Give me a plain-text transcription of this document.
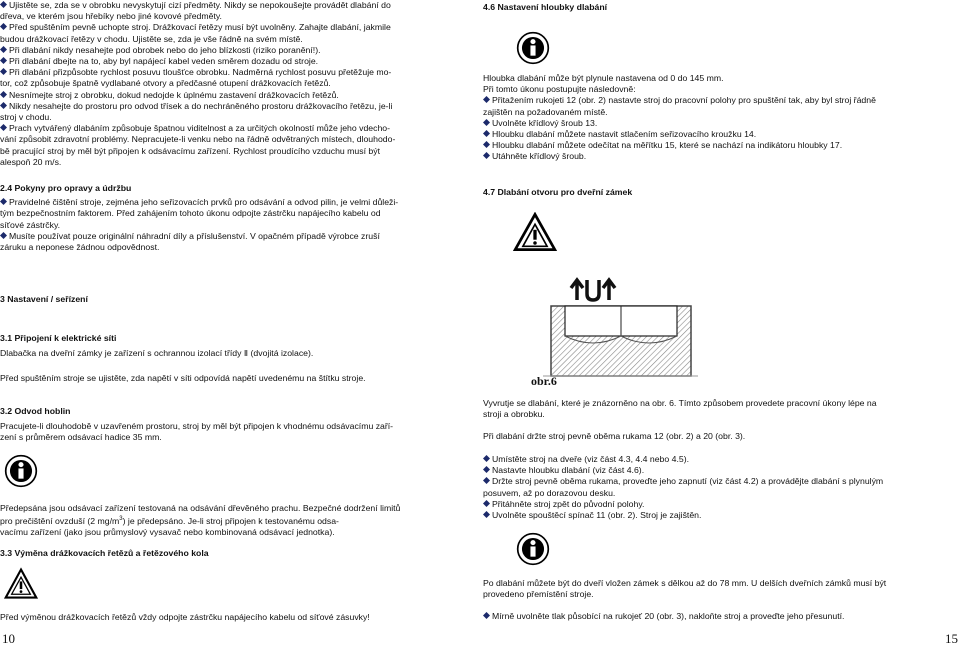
Ujistěte se, zda se v obrobku nevyskytují cizí předměty. Nikdy se nepokoušejte provádět dlabání do

dřeva, ve kterém jsou hřebíky nebo jiné kovové předměty.

Před spuštěním pevně uchopte stroj. Drážkovací řetězy musí být uvolněny. Zahajte dlabání, jakmile

budou drážkovací řetězy v chodu. Ujistěte se, zda je vše řádně na svém místě.

Při dlabání nikdy nesahejte pod obrobek nebo do jeho blízkosti (riziko poranění!).

Při dlabání dbejte na to, aby byl napájecí kabel veden směrem dozadu od stroje.

Při dlabání přizpůsobte rychlost posuvu tloušťce obrobku. Nadměrná rychlost posuvu přetěžuje mo-

tor, což způsobuje špatně vydlabané otvory a předčasné otupení drážkovacích řetězů.

Nesnímejte stroj z obrobku, dokud nedojde k úplnému zastavení drážkovacích řetězů.

Nikdy nesahejte do prostoru pro odvod třísek a do nechráněného prostoru drážkovacího řetězu, je-li

stroj v chodu.

Prach vytvářený dlabáním způsobuje špatnou viditelnost a za určitých okolností může jeho vdecho-

vání způsobit zdravotní problémy. Nepracujete-li venku nebo na řádně odvětraných místech, dlouhodo-

bě pracující stroj by měl být připojen k odsávacímu zařízení. Rychlost proudícího vzduchu musí být

alespoň 20 m/s.

2.4 Pokyny pro opravy a údržbu

Pravidelné čištění stroje, zejména jeho seřizovacích prvků pro odsávání a odvod pilin, je velmi důleži-

tým bezpečnostním faktorem. Před zahájením tohoto úkonu odpojte zástrčku napájecího kabelu od

síťové zástrčky.

Musíte používat pouze originální náhradní díly a příslušenství. V opačném případě výrobce zruší

záruku a neponese žádnou odpovědnost.

3 Nastavení / seřízení

3.1 Připojení k elektrické síti

Dlabačka na dveřní zámky je zařízení s ochrannou izolací třídy Ⅱ (dvojitá izolace).

Před spuštěním stroje se ujistěte, zda napětí v síti odpovídá napětí uvedenému na štítku stroje.

3.2 Odvod hoblin

Pracujete-li dlouhodobě v uzavřeném prostoru, stroj by měl být připojen k vhodnému odsávacímu zaří-

zení s průměrem odsávací hadice 35 mm.

Předepsána jsou odsávací zařízení testovaná na odsávání dřevěného prachu. Bezpečné dodržení limitů

pro prečištění ovzduší (2 $mg/m^3$) je předepsáno. Je-li stroj připojen k testovanému odsa-

vacímu zařízení (jako jsou průmyslový vysavač nebo kombinovaná odsávací jednotka).

3.3 Výměna drážkovacích řetězů a řetězového kola

Před výměnou drážkovacích řetězů vždy odpojte zástrčku napájecího kabelu od síťové zásuvky!

10

4.6 Nastavení hloubky dlabání

Hloubka dlabání může být plynule nastavena od 0 do 145 mm.

Při tomto úkonu postupujte následovně:

Přitažením rukojeti 12 (obr. 2) nastavte stroj do pracovní polohy pro spuštění tak, aby byl stroj řádně

zajištěn na požadovaném místě.

Uvolněte křídlový šroub 13.

Hloubku dlabání můžete nastavit stlačením seřizovacího kroužku 14.

Hloubku dlabání můžete odečítat na měřítku 15, které se nachází na indikátoru hloubky 17.

Utáhněte křídlový šroub.

4.7 Dlabání otvoru pro dveřní zámek

obr.6

Vyvrutje se dlabání, které je znázorněno na obr. 6. Tímto způsobem provedete pracovní úkony lépe na

stroji a obrobku.

Při dlabání držte stroj pevně oběma rukama 12 (obr. 2) a 20 (obr. 3).

Umístěte stroj na dveře (viz část 4.3, 4.4 nebo 4.5).

Nastavte hloubku dlabání (viz část 4.6).

Držte stroj pevně oběma rukama, proveďte jeho zapnutí (viz část 4.2) a provádějte dlabání s plynulým

posuvem, až po dorazovou desku.

Přitáhněte stroj zpět do původní polohy.

Uvolněte spouštěcí spínač 11 (obr. 2). Stroj je zajištěn.

Po dlabání můžete být do dveří vložen zámek s dělkou až do 78 mm. U delších dveřních zámků musí být

provedeno přemístění stroje.

Mírně uvolněte tlak působící na rukojeť 20 (obr. 3), nakloňte stroj a proveďte jeho přesunutí.

15
